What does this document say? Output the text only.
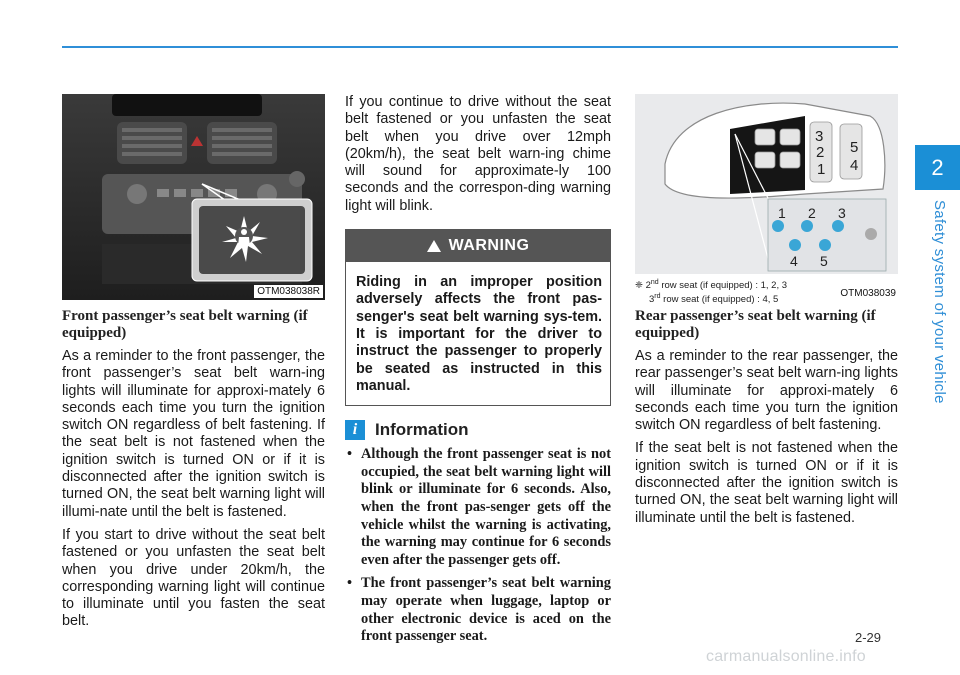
2
Safety system of your vehicle
OTM038038R
Front passenger’s seat belt warning (if equipped)

As a reminder to the front passenger, the front passenger’s seat belt warn-ing lights will illuminate for approxi-mately 6 seconds each time you turn the ignition switch ON regardless of belt fastening. If the seat belt is not fastened when the ignition switch is turned ON or if it is disconnected after the ignition switch is turned ON, the seat belt warning light will illumi-nate until the belt is fastened.

If you start to drive without the seat belt fastened or you unfasten the seat belt when you drive under 20km/h, the corresponding warning light will continue to illuminate until you fasten the seat belt.

If you continue to drive without the seat belt fastened or you unfasten the seat belt when you drive over 12mph (20km/h), the seat belt warn-ing chime will sound for approximate-ly 100 seconds and the correspon-ding warning light will blink.

WARNING
Riding in an improper position adversely affects the front pas-senger's seat belt warning sys-tem. It is important for the driver to instruct the passenger to properly be seated as instructed in this manual.
i	Information
• Although the front passenger seat is not occupied, the seat belt warning light will blink or illuminate for 6 seconds. Also, when the front pas-senger gets off the vehicle whilst the warning is activating, the warning may continue for 6 seconds even after the passenger gets off.
• The front passenger’s seat belt warning may operate when luggage, laptop or other electronic device is aced on the front passenger seat.
3
2
1
5
4
1 2 3
4 5
❈ 2nd row seat (if equipped) : 1, 2, 3
3rd row seat (if equipped) : 4, 5
OTM038039
Rear passenger’s seat belt warning (if equipped)

As a reminder to the rear passenger, the rear passenger’s seat belt warn-ing lights will illuminate for approxi-mately 6 seconds each time you turn the ignition switch ON regardless of belt fastening.

If the seat belt is not fastened when the ignition switch is turned ON or if it is disconnected after the ignition switch is turned ON, the seat belt warning light will illuminate until the belt is fastened.

2-29
carmanualsonline.info
